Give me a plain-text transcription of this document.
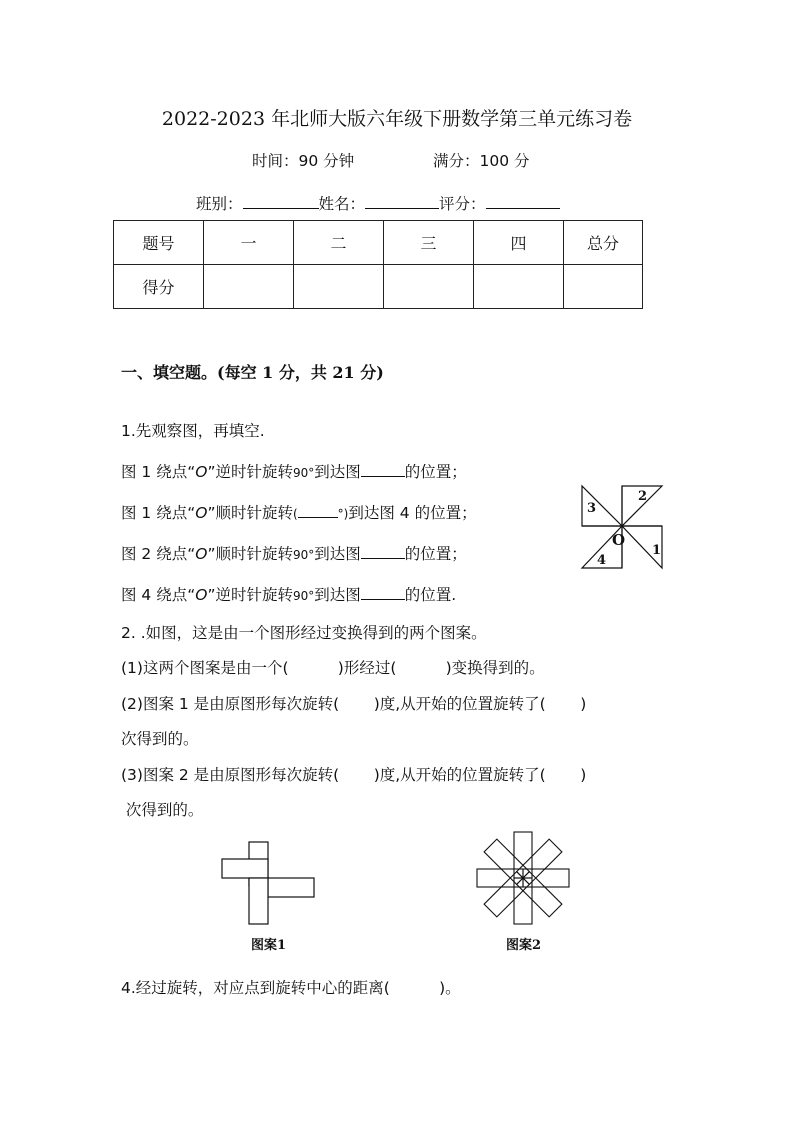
2022-2023 年北师大版六年级下册数学第三单元练习卷
时间：90 分钟	满分：100 分
班别：	姓名：	评分：
题号	一	二	三	四	总分
得分					
一、填空题。(每空 1 分，共 21 分)
1.先观察图，再填空.
图 1 绕点“O”逆时针旋转90°到达图	的位置；
图 1 绕点“O”顺时针旋转(	°)到达图 4 的位置；
图 2 绕点“O”顺时针旋转90°到达图	的位置；
图 4 绕点“O”逆时针旋转90°到达图	的位置.
1
2
3
4
O
2. .如图，这是由一个图形经过变换得到的两个图案。
(1)这两个图案是由一个(          )形经过(          )变换得到的。
(2)图案 1 是由原图形每次旋转(       )度,从开始的位置旋转了(       )
次得到的。
(3)图案 2 是由原图形每次旋转(       )度,从开始的位置旋转了(       )
次得到的。
图案1	图案2
4.经过旋转，对应点到旋转中心的距离(          )。
